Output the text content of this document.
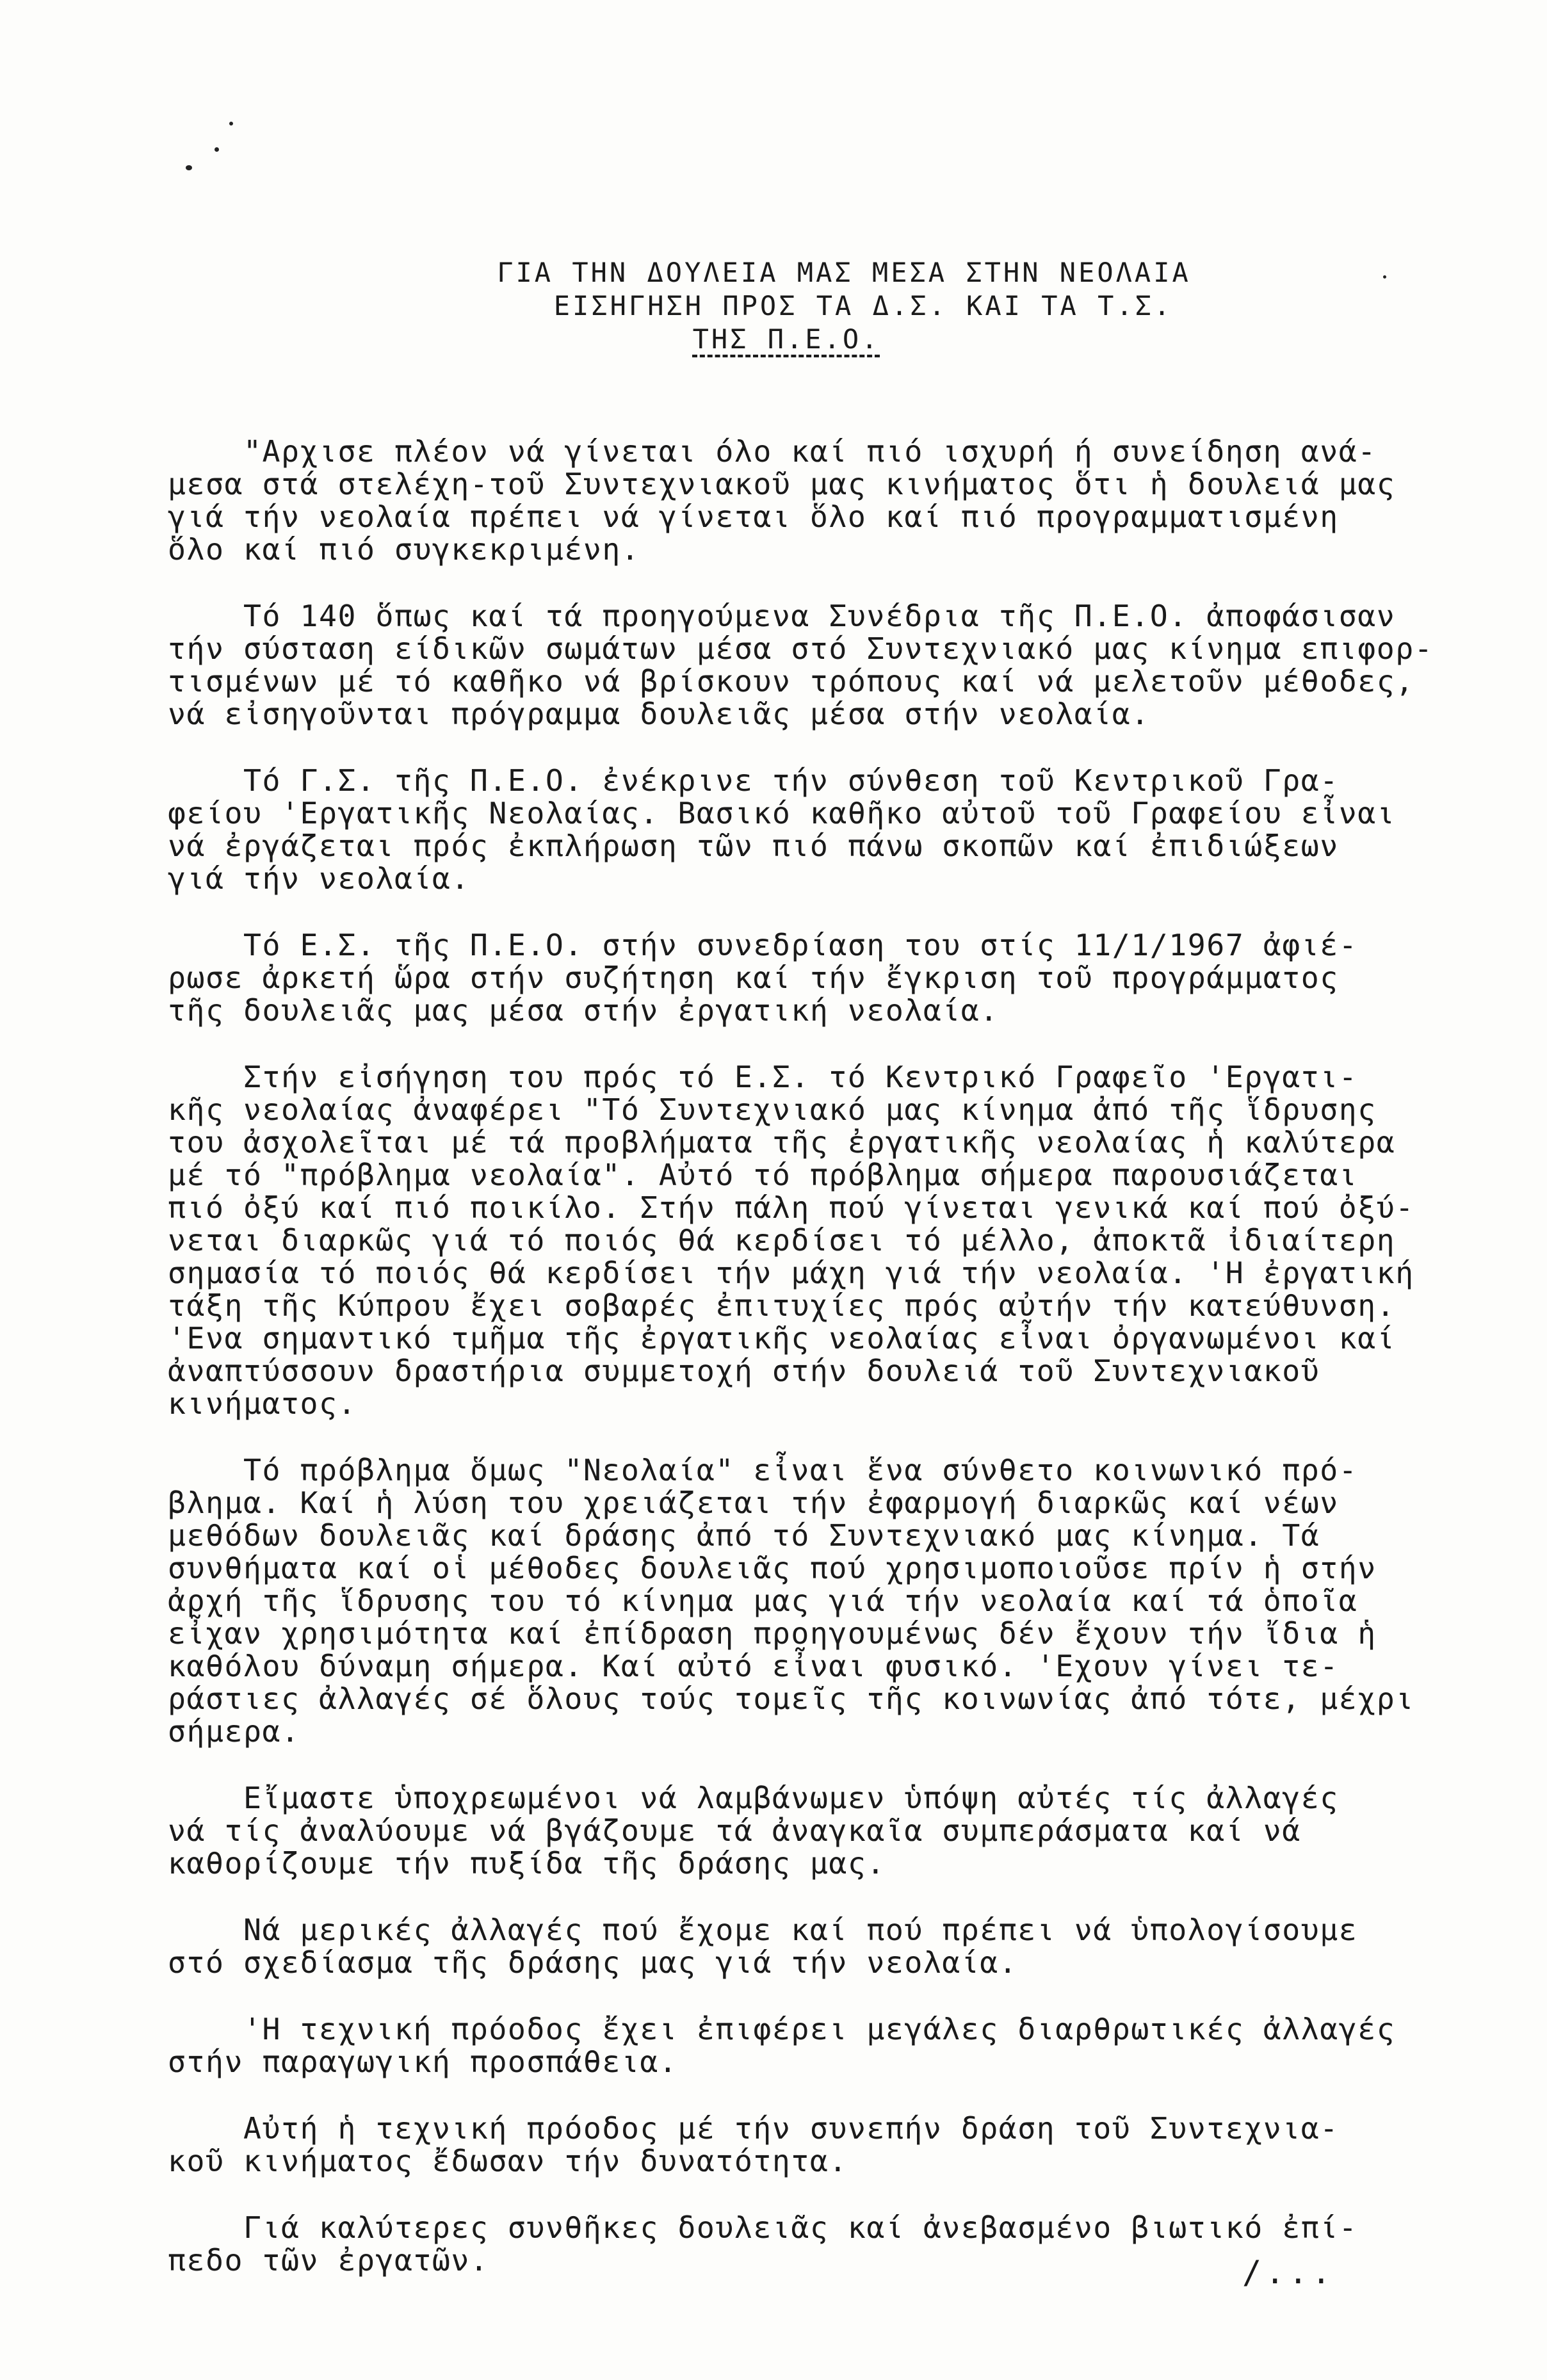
ΓΙΑ ΤΗΝ ΔΟΥΛΕΙΑ ΜΑΣ ΜΕΣΑ ΣΤΗΝ ΝΕΟΛΑΙΑ
ΕΙΣΗΓΗΣΗ ΠΡΟΣ ΤΑ Δ.Σ. ΚΑΙ ΤΑ Τ.Σ.
ΤΗΣ Π.Ε.Ο.

"Αρχισε πλέον νά γίνεται όλο καί πιό ισχυρή ή συνείδηση ανά-
μεσα στά στελέχη-τοῦ Συντεχνιακοῦ μας κινήματος ὅτι ἡ δουλειά μας
γιά τήν νεολαία πρέπει νά γίνεται ὅλο καί πιό προγραμματισμένη
ὅλο καί πιό συγκεκριμένη.

Τό 140 ὅπως καί τά προηγούμενα Συνέδρια τῆς Π.Ε.Ο. ἀποφάσισαν
τήν σύσταση είδικῶν σωμάτων μέσα στό Συντεχνιακό μας κίνημα επιφορ-
τισμένων μέ τό καθῆκο νά βρίσκουν τρόπους καί νά μελετοῦν μέθοδες,
νά εἰσηγοῦνται πρόγραμμα δουλειᾶς μέσα στήν νεολαία.

Τό Γ.Σ. τῆς Π.Ε.Ο. ἐνέκρινε τήν σύνθεση τοῦ Κεντρικοῦ Γρα-
φείου 'Εργατικῆς Νεολαίας. Βασικό καθῆκο αὐτοῦ τοῦ Γραφείου εἶναι
νά ἐργάζεται πρός ἐκπλήρωση τῶν πιό πάνω σκοπῶν καί ἐπιδιώξεων
γιά τήν νεολαία.

Τό Ε.Σ. τῆς Π.Ε.Ο. στήν συνεδρίαση του στίς 11/1/1967 ἀφιέ-
ρωσε ἀρκετή ὥρα στήν συζήτηση καί τήν ἔγκριση τοῦ προγράμματος
τῆς δουλειᾶς μας μέσα στήν ἐργατική νεολαία.

Στήν εἰσήγηση του πρός τό Ε.Σ. τό Κεντρικό Γραφεῖο 'Εργατι-
κῆς νεολαίας ἀναφέρει "Τό Συντεχνιακό μας κίνημα ἀπό τῆς ἵδρυσης
του ἀσχολεῖται μέ τά προβλήματα τῆς ἐργατικῆς νεολαίας ἡ καλύτερα
μέ τό "πρόβλημα νεολαία". Αὐτό τό πρόβλημα σήμερα παρουσιάζεται
πιό ὀξύ καί πιό ποικίλο. Στήν πάλη πού γίνεται γενικά καί πού ὀξύ-
νεται διαρκῶς γιά τό ποιός θά κερδίσει τό μέλλο, ἀποκτᾶ ἰδιαίτερη
σημασία τό ποιός θά κερδίσει τήν μάχη γιά τήν νεολαία. 'Η ἐργατική
τάξη τῆς Κύπρου ἔχει σοβαρές ἐπιτυχίες πρός αὐτήν τήν κατεύθυνση.
'Ενα σημαντικό τμῆμα τῆς ἐργατικῆς νεολαίας εἶναι ὀργανωμένοι καί
ἀναπτύσσουν δραστήρια συμμετοχή στήν δουλειά τοῦ Συντεχνιακοῦ
κινήματος.

Τό πρόβλημα ὅμως "Νεολαία" εἶναι ἕνα σύνθετο κοινωνικό πρό-
βλημα. Καί ἡ λύση του χρειάζεται τήν ἐφαρμογή διαρκῶς καί νέων
μεθόδων δουλειᾶς καί δράσης ἀπό τό Συντεχνιακό μας κίνημα. Τά
συνθήματα καί οἱ μέθοδες δουλειᾶς πού χρησιμοποιοῦσε πρίν ἡ στήν
ἀρχή τῆς ἵδρυσης του τό κίνημα μας γιά τήν νεολαία καί τά ὁποῖα
εἶχαν χρησιμότητα καί ἐπίδραση προηγουμένως δέν ἔχουν τήν ἴδια ἡ
καθόλου δύναμη σήμερα. Καί αὐτό εἶναι φυσικό. 'Εχουν γίνει τε-
ράστιες ἀλλαγές σέ ὅλους τούς τομεῖς τῆς κοινωνίας ἀπό τότε, μέχρι
σήμερα.

Εἴμαστε ὑποχρεωμένοι νά λαμβάνωμεν ὑπόψη αὐτές τίς ἀλλαγές
νά τίς ἀναλύουμε νά βγάζουμε τά ἀναγκαῖα συμπεράσματα καί νά
καθορίζουμε τήν πυξίδα τῆς δράσης μας.

Νά μερικές ἀλλαγές πού ἔχομε καί πού πρέπει νά ὑπολογίσουμε
στό σχεδίασμα τῆς δράσης μας γιά τήν νεολαία.

'Η τεχνική πρόοδος ἔχει ἐπιφέρει μεγάλες διαρθρωτικές ἀλλαγές
στήν παραγωγική προσπάθεια.

Αὐτή ἡ τεχνική πρόοδος μέ τήν συνεπήν δράση τοῦ Συντεχνια-
κοῦ κινήματος ἔδωσαν τήν δυνατότητα.

Γιά καλύτερες συνθῆκες δουλειᾶς καί ἀνεβασμένο βιωτικό ἐπί-
πεδο τῶν ἐργατῶν.	/...
